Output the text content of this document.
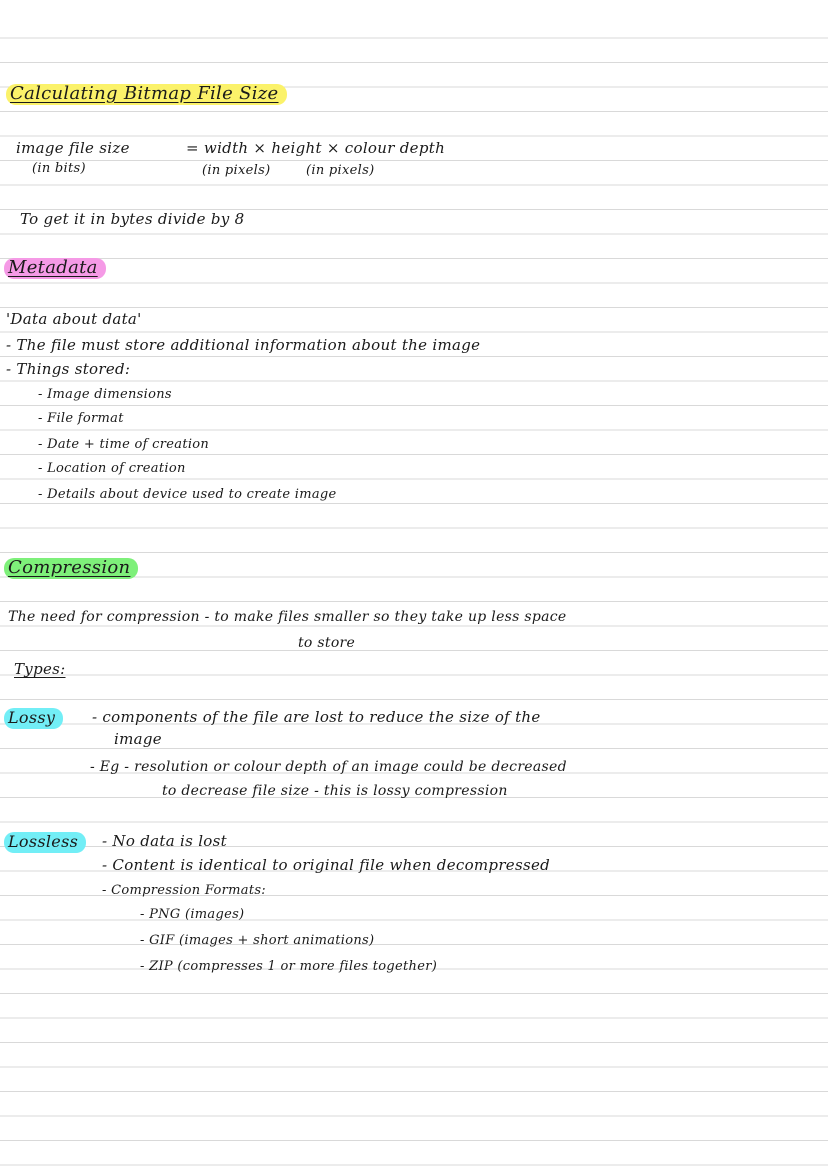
Calculating Bitmap File Size
image file size
(in bits)
= width × height × colour depth
(in pixels)	(in pixels)
To get it in bytes divide by 8
Metadata
'Data about data'
- The file must store additional information about the image
- Things stored:
- Image dimensions
- File format
- Date + time of creation
- Location of creation
- Details about device used to create image
Compression
The need for compression - to make files smaller so they take up less space
to store
Types:
Lossy	- components of the file are lost to reduce the size of the
image
- Eg - resolution or colour depth of an image could be decreased
to decrease file size - this is lossy compression
Lossless	- No data is lost
- Content is identical to original file when decompressed
- Compression Formats:
- PNG (images)
- GIF (images + short animations)
- ZIP (compresses 1 or more files together)
